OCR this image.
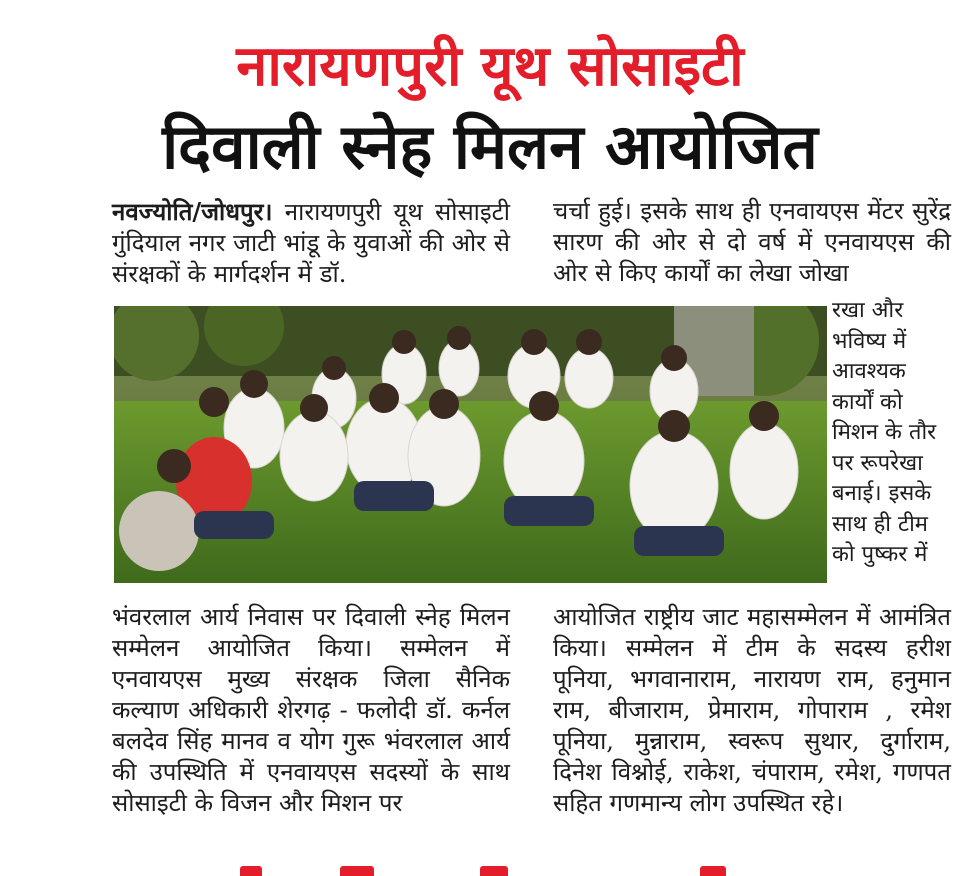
नारायणपुरी यूथ सोसाइटी
दिवाली स्नेह मिलन आयोजित
नवज्योति/जोधपुर। नारायणपुरी यूथ सोसाइटी गुंदियाल नगर जाटी भांडू के युवाओं की ओर से संरक्षकों के मार्गदर्शन में डॉ.
चर्चा हुई। इसके साथ ही एनवायएस मेंटर सुरेंद्र सारण की ओर से दो वर्ष में एनवायएस की ओर से किए कार्यों का लेखा जोखा
रखा और भविष्य में आवश्यक कार्यों को मिशन के तौर पर रूपरेखा बनाई। इसके साथ ही टीम को पुष्कर में
भंवरलाल आर्य निवास पर दिवाली स्नेह मिलन सम्मेलन आयोजित किया। सम्मेलन में एनवायएस मुख्य संरक्षक जिला सैनिक कल्याण अधिकारी शेरगढ़ - फलोदी डॉ. कर्नल बलदेव सिंह मानव व योग गुरू भंवरलाल आर्य की उपस्थिति में एनवायएस सदस्यों के साथ सोसाइटी के विजन और मिशन पर
आयोजित राष्ट्रीय जाट महासम्मेलन में आमंत्रित किया। सम्मेलन में टीम के सदस्य हरीश पूनिया, भगवानाराम, नारायण राम, हनुमान राम, बीजाराम, प्रेमाराम, गोपाराम , रमेश पूनिया, मुन्नाराम, स्वरूप सुथार, दुर्गाराम, दिनेश विश्नोई, राकेश, चंपाराम, रमेश, गणपत सहित गणमान्य लोग उपस्थित रहे।
